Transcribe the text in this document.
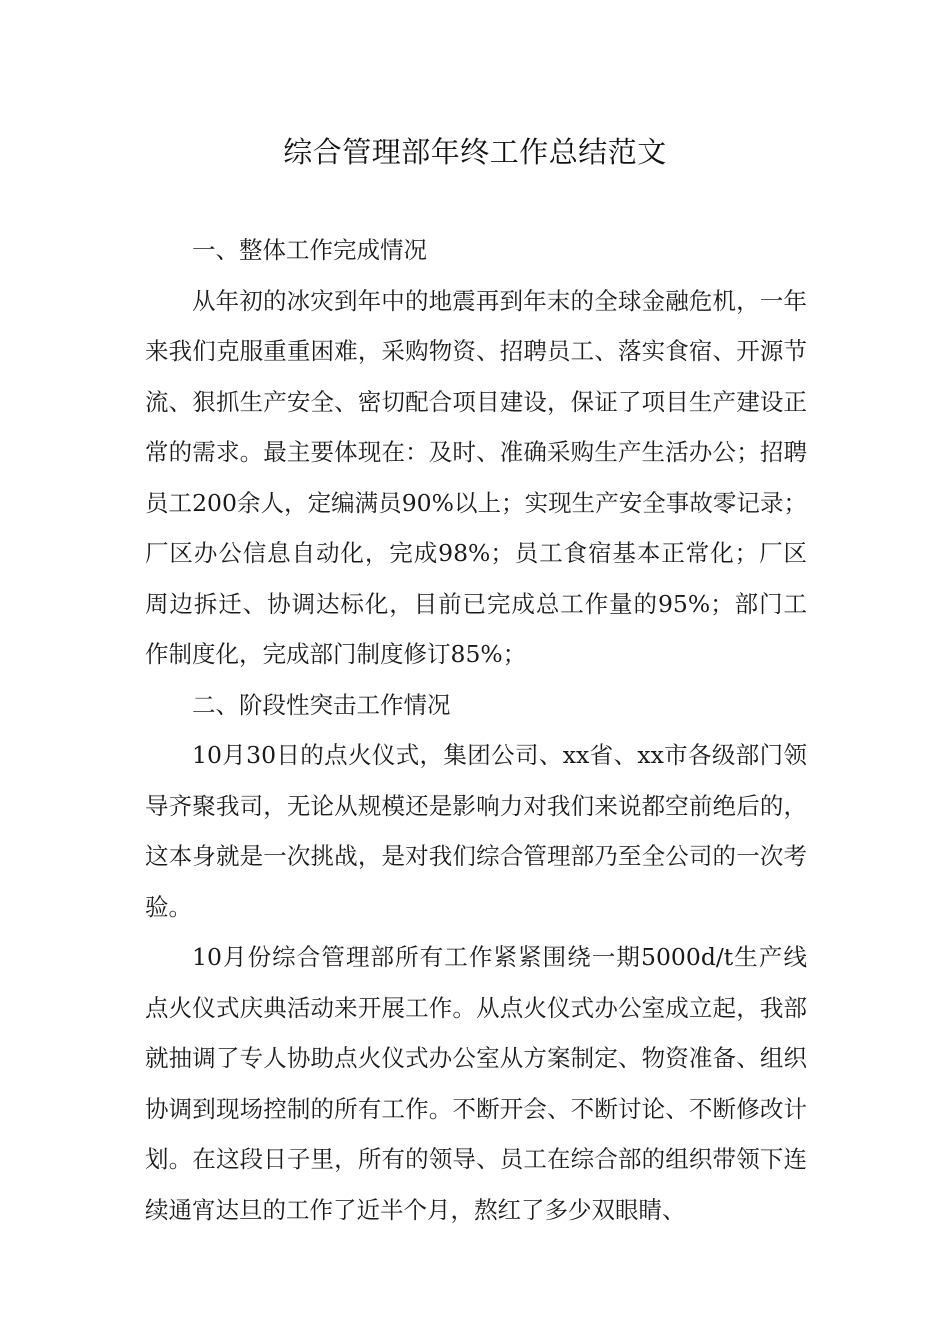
综合管理部年终工作总结范文

一、整体工作完成情况

从年初的冰灾到年中的地震再到年末的全球金融危机，一年来我们克服重重困难，采购物资、招聘员工、落实食宿、开源节流、狠抓生产安全、密切配合项目建设，保证了项目生产建设正常的需求。最主要体现在：及时、准确采购生产生活办公；招聘员工200余人，定编满员90%以上；实现生产安全事故零记录；厂区办公信息自动化，完成98%；员工食宿基本正常化；厂区周边拆迁、协调达标化，目前已完成总工作量的95%；部门工作制度化，完成部门制度修订85%；

二、阶段性突击工作情况

10月30日的点火仪式，集团公司、xx省、xx市各级部门领导齐聚我司，无论从规模还是影响力对我们来说都空前绝后的，这本身就是一次挑战，是对我们综合管理部乃至全公司的一次考验。

10月份综合管理部所有工作紧紧围绕一期5000d/t生产线点火仪式庆典活动来开展工作。从点火仪式办公室成立起，我部就抽调了专人协助点火仪式办公室从方案制定、物资准备、组织协调到现场控制的所有工作。不断开会、不断讨论、不断修改计划。在这段日子里，所有的领导、员工在综合部的组织带领下连续通宵达旦的工作了近半个月，熬红了多少双眼睛、
